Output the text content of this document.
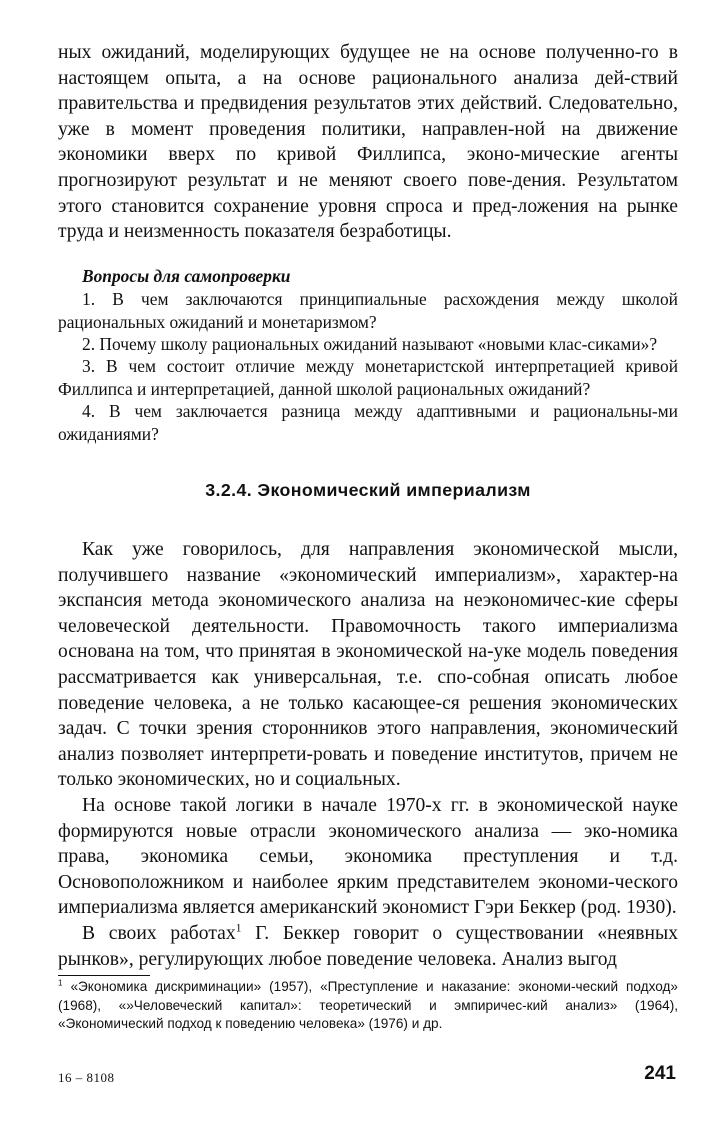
ных ожиданий, моделирующих будущее не на основе полученно-го в настоящем опыта, а на основе рационального анализа дей-ствий правительства и предвидения результатов этих действий. Следовательно, уже в момент проведения политики, направлен-ной на движение экономики вверх по кривой Филлипса, эконо-мические агенты прогнозируют результат и не меняют своего пове-дения. Результатом этого становится сохранение уровня спроса и пред-ложения на рынке труда и неизменность показателя безработицы.

Вопросы для самопроверки

1. В чем заключаются принципиальные расхождения между школой рациональных ожиданий и монетаризмом?

2. Почему школу рациональных ожиданий называют «новыми клас-сиками»?

3. В чем состоит отличие между монетаристской интерпретацией кривой Филлипса и интерпретацией, данной школой рациональных ожиданий?

4. В чем заключается разница между адаптивными и рациональны-ми ожиданиями?

3.2.4. Экономический империализм

Как уже говорилось, для направления экономической мысли, получившего название «экономический империализм», характер-на экспансия метода экономического анализа на неэкономичес-кие сферы человеческой деятельности. Правомочность такого империализма основана на том, что принятая в экономической на-уке модель поведения рассматривается как универсальная, т.е. спо-собная описать любое поведение человека, а не только касающее-ся решения экономических задач. С точки зрения сторонников этого направления, экономический анализ позволяет интерпрети-ровать и поведение институтов, причем не только экономических, но и социальных.

На основе такой логики в начале 1970-х гг. в экономической науке формируются новые отрасли экономического анализа — эко-номика права, экономика семьи, экономика преступления и т.д. Основоположником и наиболее ярким представителем экономи-ческого империализма является американский экономист Гэри Беккер (род. 1930).

В своих работах$^1$ Г. Беккер говорит о существовании «неявных рынков», регулирующих любое поведение человека. Анализ выгод

$^1$ «Экономика дискриминации» (1957), «Преступление и наказание: экономи-ческий подход» (1968), «»Человеческий капитал»: теоретический и эмпиричес-кий анализ» (1964), «Экономический подход к поведению человека» (1976) и др.

16 – 8108	241
